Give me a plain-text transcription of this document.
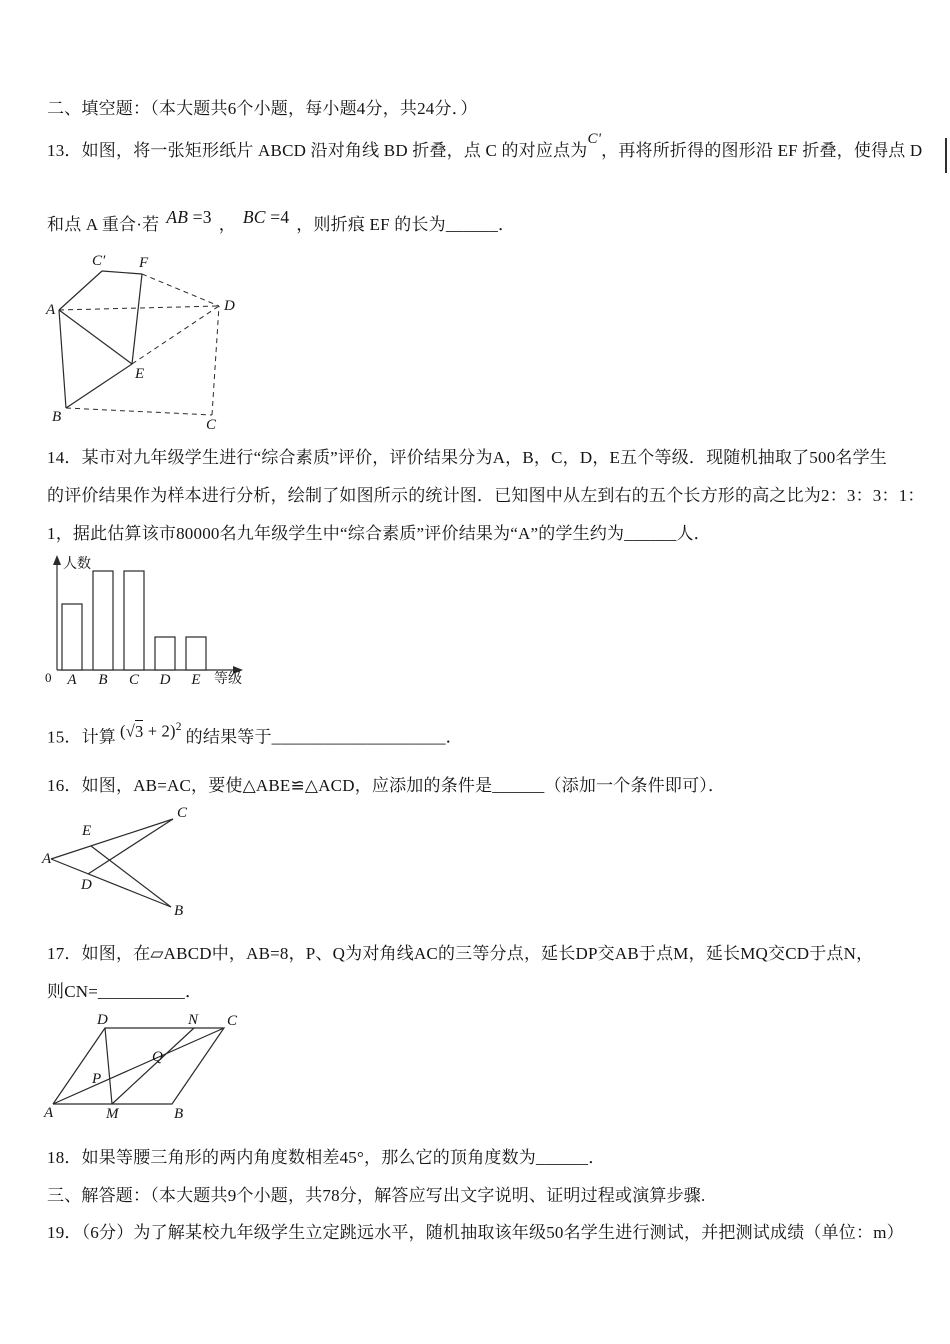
二、填空题：（本大题共6个小题，每小题4分，共24分．）
13．如图，将一张矩形纸片 ABCD 沿对角线 BD 折叠，点 C 的对应点为C'，再将所折得的图形沿 EF 折叠，使得点 D
和点 A 重合·若 AB =3 ， BC =4 ，则折痕 EF 的长为______．
A
C′ F
D
E
B	C
14．某市对九年级学生进行“综合素质”评价，评价结果分为A，B，C，D，E五个等级．现随机抽取了500名学生
的评价结果作为样本进行分析，绘制了如图所示的统计图．已知图中从左到右的五个长方形的高之比为2：3：3：1：
1，据此估算该市80000名九年级学生中“综合素质”评价结果为“A”的学生约为______人．
人数
等级
0 A B C D E
15．计算 $(√3 + 2)^2$的结果等于____________________．
16．如图，AB=AC，要使△ABE≌△ACD，应添加的条件是______（添加一个条件即可）．
C
E
A
D
B
17．如图，在▱ABCD中，AB=8，P、Q为对角线AC的三等分点，延长DP交AB于点M，延长MQ交CD于点N，
则CN=__________．
D	N C
P
Q
A	M	B
18．如果等腰三角形的两内角度数相差45°，那么它的顶角度数为______．
三、解答题：（本大题共9个小题，共78分，解答应写出文字说明、证明过程或演算步骤.
19．（6分）为了解某校九年级学生立定跳远水平，随机抽取该年级50名学生进行测试，并把测试成绩（单位：m）
